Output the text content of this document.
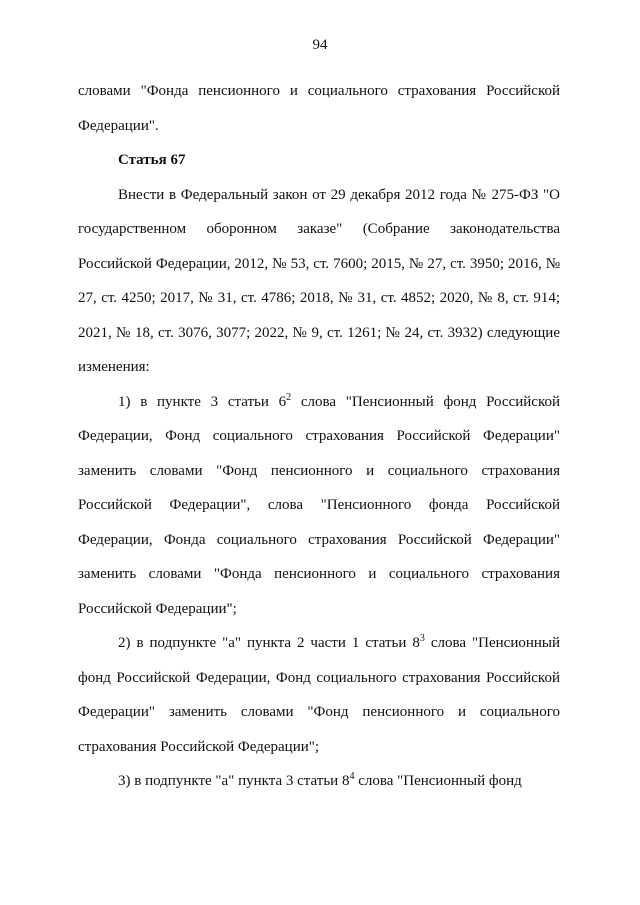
94

словами "Фонда пенсионного и социального страхования Российской Федерации".

Статья 67

Внести в Федеральный закон от 29 декабря 2012 года № 275-ФЗ "О государственном оборонном заказе" (Собрание законодательства Российской Федерации, 2012, № 53, ст. 7600; 2015, № 27, ст. 3950; 2016, № 27, ст. 4250; 2017, № 31, ст. 4786; 2018, № 31, ст. 4852; 2020, № 8, ст. 914; 2021, № 18, ст. 3076, 3077; 2022, № 9, ст. 1261; № 24, ст. 3932) следующие изменения:

1) в пункте 3 статьи $6^2$ слова "Пенсионный фонд Российской Федерации, Фонд социального страхования Российской Федерации" заменить словами "Фонд пенсионного и социального страхования Российской Федерации", слова "Пенсионного фонда Российской Федерации, Фонда социального страхования Российской Федерации" заменить словами "Фонда пенсионного и социального страхования Российской Федерации";

2) в подпункте "а" пункта 2 части 1 статьи $8^3$ слова "Пенсионный фонд Российской Федерации, Фонд социального страхования Российской Федерации" заменить словами "Фонд пенсионного и социального страхования Российской Федерации";

3) в подпункте "а" пункта 3 статьи $8^4$ слова "Пенсионный фонд
